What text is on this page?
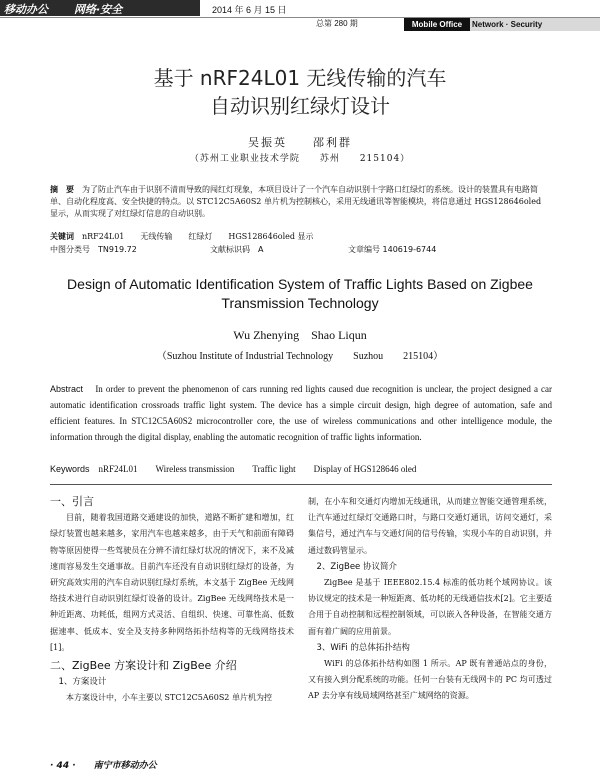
移动办公 网络·安全	2014 年 6 月 15 日
总第 280 期	Mobile Office	Network · Security
基于 nRF24L01 无线传输的汽车
自动识别红绿灯设计
吴振英　　邵利群
（苏州工业职业技术学院　　苏州　　215104）
摘　要　 为了防止汽车由于识别不清而导致的闯红灯现象，本项目设计了一个汽车自动识别十字路口红绿灯的系统。设计的装置具有电路简单、自动化程度高、安全快捷的特点。以 STC12C5A60S2 单片机为控制核心，采用无线通讯等智能模块，将信息通过 HGS128646oled 显示，从而实现了对红绿灯信息的自动识别。
关键词　 nRF24L01　　无线传输　　红绿灯　　HGS128646oled 显示
中图分类号　TN919.72	文献标识码　A	文章编号 140619-6744
Design of Automatic Identification System of Traffic Lights Based on Zigbee
Transmission Technology
Wu Zhenying　Shao Liqun
（Suzhou Institute of Industrial Technology　　Suzhou　　215104）
Abstract In order to prevent the phenomenon of cars running red lights caused due recognition is unclear, the project designed a car automatic identification crossroads traffic light system. The device has a simple circuit design, high degree of automation, safe and efficient features. In STC12C5A60S2 microcontroller core, the use of wireless communications and other intelligence module, the information through the digital display, enabling the automatic recognition of traffic lights information.
Keywords nRF24L01　　Wireless transmission　　Traffic light　　Display of HGS128646 oled
一、引言

目前，随着我国道路交通建设的加快，道路不断扩建和增加，红绿灯装置也越来越多，家用汽车也越来越多，由于天气和前面有障碍物等原因使得一些驾驶员在分辨不清红绿灯状况的情况下，来不及减速而容易发生交通事故。目前汽车还没有自动识别红绿灯的设备，为研究高效实用的汽车自动识别红绿灯系统，本文基于 ZigBee 无线网络技术进行自动识别红绿灯设备的设计。ZigBee 无线网络技术是一种近距离、功耗低，组网方式灵活、自组织、快速、可靠性高、低数据速率、低成本、安全及支持多种网络拓扑结构等的无线网络技术[1]。

二、ZigBee 方案设计和 ZigBee 介绍
1、方案设计

本方案设计中，小车主要以 STC12C5A60S2 单片机为控

制，在小车和交通灯内增加无线通讯，从而建立智能交通管理系统，让汽车通过红绿灯交通路口时，与路口交通灯通讯，访问交通灯，采集信号，通过汽车与交通灯间的信号传输，实现小车的自动识别，并通过数码管显示。

2、ZigBee 协议简介

ZigBee 是基于 IEEE802.15.4 标准的低功耗个域网协议。该协议规定的技术是一种短距离、低功耗的无线通信技术[2]。它主要适合用于自动控制和远程控制领域，可以嵌入各种设备，在智能交通方面有着广阔的应用前景。

3、WiFi 的总体拓扑结构

WiFi 的总体拓扑结构如图 1 所示。AP 既有普通站点的身份，又有接入到分配系统的功能。任何一台装有无线网卡的 PC 均可透过 AP 去分享有线局域网络甚至广域网络的资源。

· 44 ·　　南宁市移动办公
